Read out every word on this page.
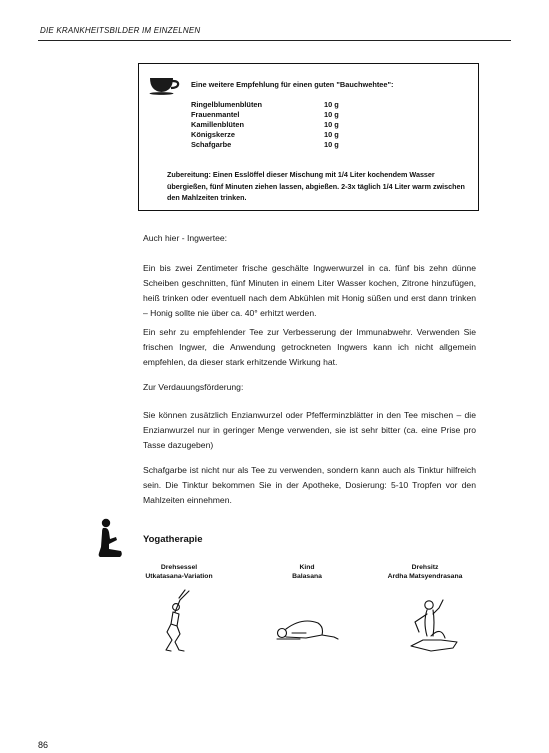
DIE KRANKHEITSBILDER IM EINZELNEN
Eine weitere Empfehlung für einen guten "Bauchwehtee":
Ringelblumenblüten	10 g
Frauenmantel	10 g
Kamillenblüten	10 g
Königskerze	10 g
Schafgarbe	10 g
Zubereitung: Einen Esslöffel dieser Mischung mit 1/4 Liter kochendem Wasser übergießen, fünf Minuten ziehen lassen, abgießen. 2-3x täglich 1/4 Liter warm zwischen den Mahlzeiten trinken.
Auch hier - Ingwertee:
Ein bis zwei Zentimeter frische geschälte Ingwerwurzel in ca. fünf bis zehn dünne Scheiben geschnitten, fünf Minuten in einem Liter Wasser kochen, Zitrone hinzufügen, heiß trinken oder eventuell nach dem Abkühlen mit Honig süßen und erst dann trinken – Honig sollte nie über ca. 40° erhitzt werden.
Ein sehr zu empfehlender Tee zur Verbesserung der Immunabwehr. Verwenden Sie frischen Ingwer, die Anwendung getrockneten Ingwers kann ich nicht allgemein empfehlen, da dieser stark erhitzende Wirkung hat.
Zur Verdauungsförderung:
Sie können zusätzlich Enzianwurzel oder Pfefferminzblätter in den Tee mischen – die Enzianwurzel nur in geringer Menge verwenden, sie ist sehr bitter (ca. eine Prise pro Tasse dazugeben)
Schafgarbe ist nicht nur als Tee zu verwenden, sondern kann auch als Tinktur hilfreich sein. Die Tinktur bekommen Sie in der Apotheke, Dosierung: 5-10 Tropfen vor den Mahlzeiten einnehmen.
Yogatherapie
Drehsessel
Utkatasana-Variation
Kind
Balasana
Drehsitz
Ardha Matsyendrasana
86
